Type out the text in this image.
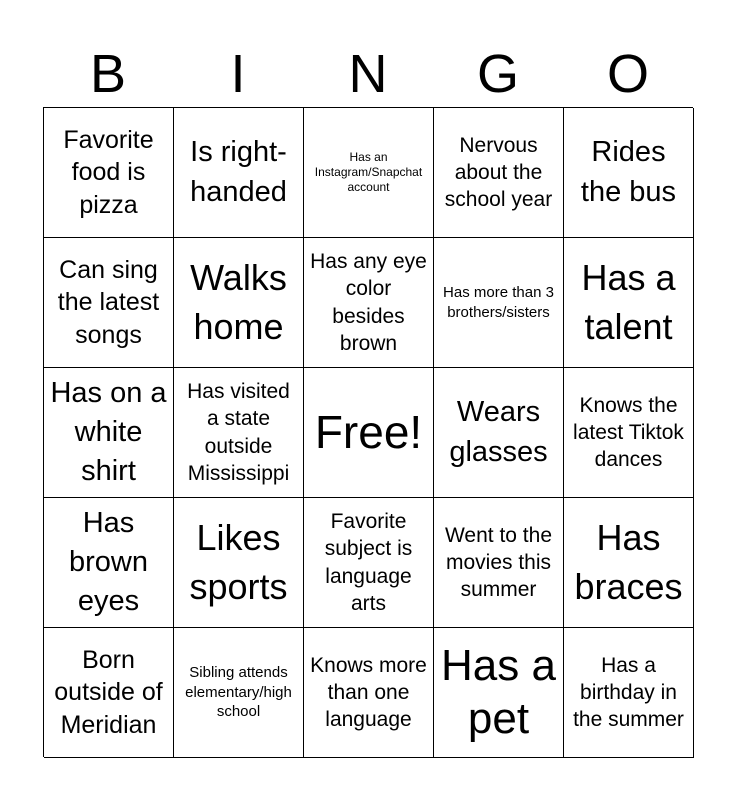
B	I	N	G	O
Favorite food is pizza
Is right-handed
Has an Instagram/Snapchat account
Nervous about the school year
Rides the bus
Can sing the latest songs
Walks home
Has any eye color besides brown
Has more than 3 brothers/sisters
Has a talent
Has on a white shirt
Has visited a state outside Mississippi
Free!	Wears glasses
Knows the latest Tiktok dances
Has brown eyes
Likes sports
Favorite subject is language arts
Went to the movies this summer
Has braces
Born outside of Meridian
Sibling attends elementary/high school
Knows more than one language
Has a pet
Has a birthday in the summer
